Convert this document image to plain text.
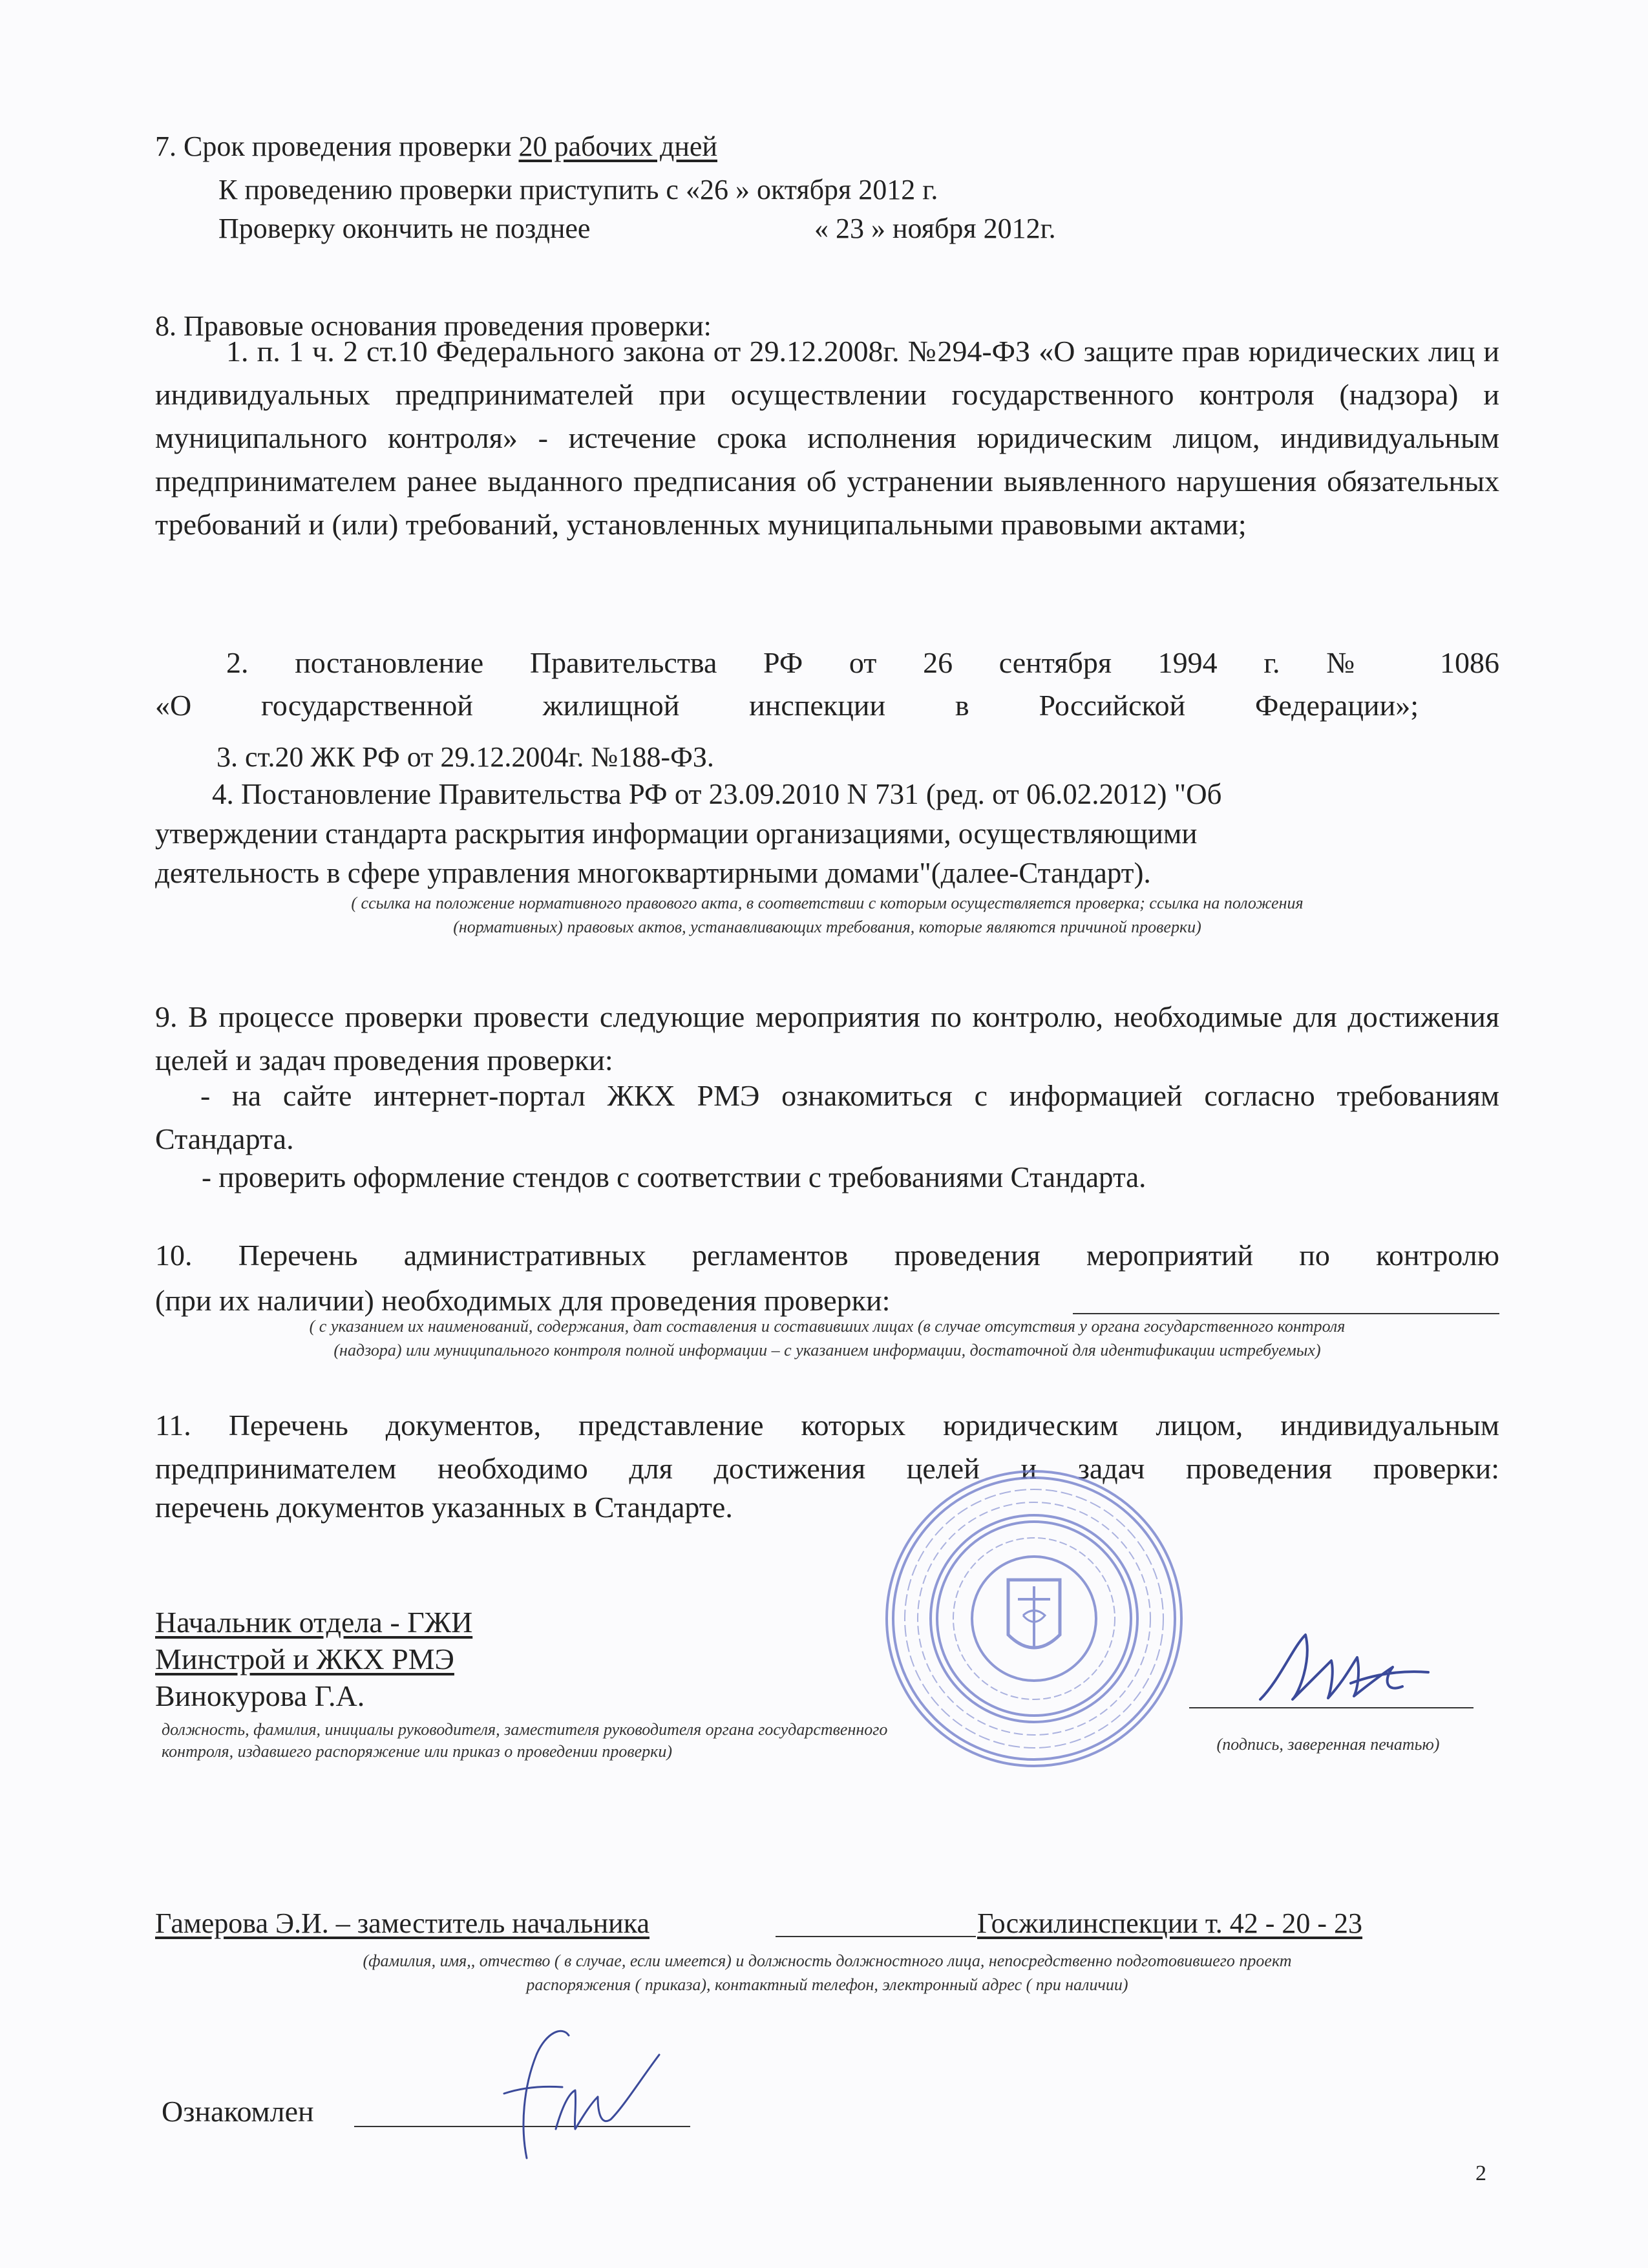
7. Срок проведения проверки 20 рабочих дней
К проведению проверки приступить с «26 » октября 2012 г.
Проверку окончить не позднее	« 23 » ноября 2012г.
8. Правовые основания проведения проверки:
1. п. 1 ч. 2 ст.10 Федерального закона от 29.12.2008г. №294-ФЗ «О защите прав юридических лиц и индивидуальных предпринимателей при осуществлении государственного контроля (надзора) и муниципального контроля» - истечение срока исполнения юридическим лицом, индивидуальным предпринимателем ранее выданного предписания об устранении выявленного нарушения обязательных требований и (или) требований, установленных муниципальными правовыми актами;
2. постановление Правительства РФ от 26 сентября 1994 г. № 1086
«О государственной жилищной инспекции в Российской Федерации»;
3. ст.20 ЖК РФ от 29.12.2004г. №188-ФЗ.
4. Постановление Правительства РФ от 23.09.2010 N 731 (ред. от 06.02.2012) "Об
утверждении стандарта раскрытия информации организациями, осуществляющими
деятельность в сфере управления многоквартирными домами"(далее-Стандарт).
( ссылка на положение нормативного правового акта, в соответствии с которым осуществляется проверка; ссылка на положения
(нормативных) правовых актов, устанавливающих требования, которые являются причиной проверки)
9. В процессе проверки провести следующие мероприятия по контролю, необходимые для достижения целей и задач проведения проверки:
- на сайте интернет-портал ЖКХ РМЭ ознакомиться с информацией согласно требованиям Стандарта.
- проверить оформление стендов с соответствии с требованиями Стандарта.
10. Перечень административных регламентов проведения мероприятий по контролю
(при их наличии) необходимых для проведения проверки:
( с указанием их наименований, содержания, дат составления и составивших лицах (в случае отсутствия у органа государственного контроля
(надзора) или муниципального контроля полной информации – с указанием информации, достаточной для идентификации истребуемых)
11. Перечень документов, представление которых юридическим лицом, индивидуальным предпринимателем необходимо для достижения целей и задач проведения проверки:
перечень документов указанных в Стандарте.
Начальник отдела - ГЖИ
Минстрой и ЖКХ РМЭ
Винокурова Г.А.
должность, фамилия, инициалы руководителя, заместителя руководителя органа государственного контроля, издавшего распоряжение или приказ о проведении проверки)	(подпись, заверенная печатью)
Гамерова Э.И. – заместитель начальника	Госжилинспекции т. 42 - 20 - 23
(фамилия, имя,, отчество ( в случае, если имеется) и должность должностного лица, непосредственно подготовившего проект
распоряжения ( приказа), контактный телефон, электронный адрес ( при наличии)
Ознакомлен
2
